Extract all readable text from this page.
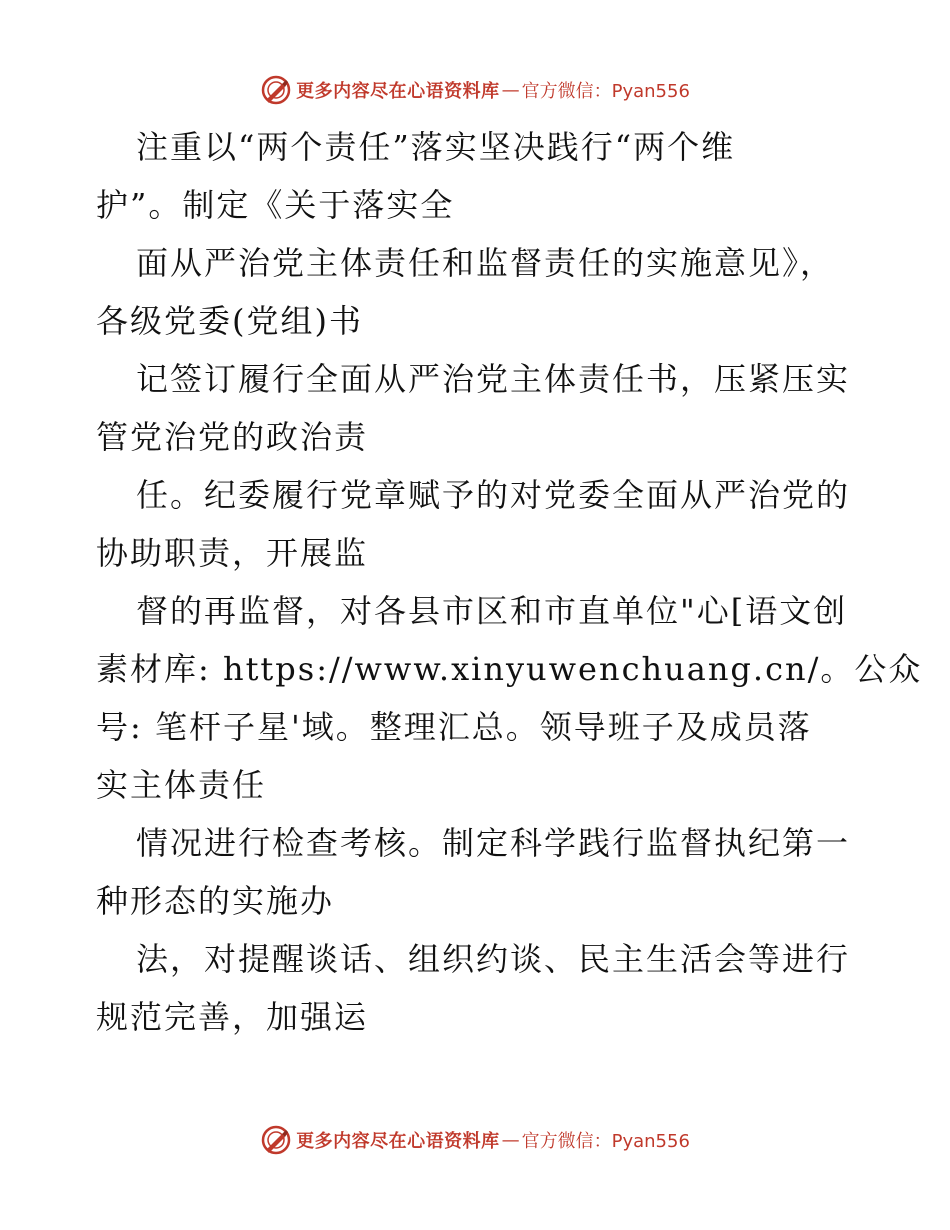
更多内容尽在心语资料库 — 官方微信：Pyan556
注重以“两个责任”落实坚决践行“两个维
护”。制定《关于落实全
面从严治党主体责任和监督责任的实施意见》，
各级党委(党组)书
记签订履行全面从严治党主体责任书，压紧压实
管党治党的政治责
任。纪委履行党章赋予的对党委全面从严治党的
协助职责，开展监
督的再监督，对各县市区和市直单位"心[语文创
素材库: https://www.xinyuwenchuang.cn/。公众
号: 笔杆子星'域。整理汇总。领导班子及成员落
实主体责任
情况进行检查考核。制定科学践行监督执纪第一
种形态的实施办
法，对提醒谈话、组织约谈、民主生活会等进行
规范完善，加强运
更多内容尽在心语资料库 — 官方微信：Pyan556
